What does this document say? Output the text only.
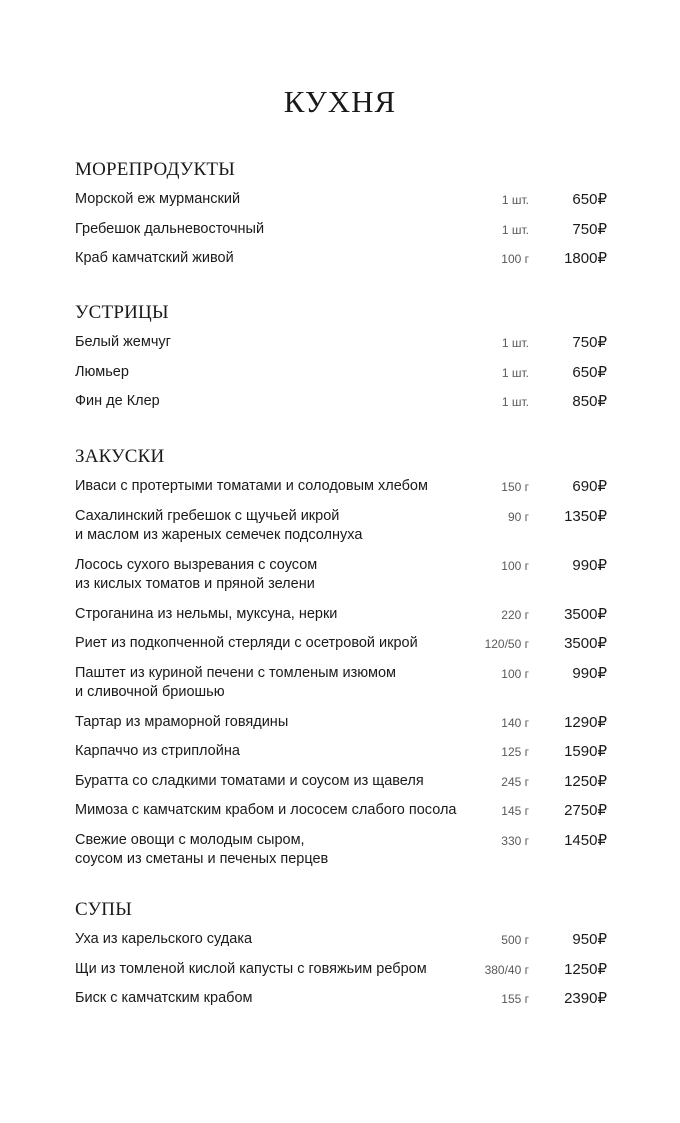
КУХНЯ
МОРЕПРОДУКТЫ
Морской еж мурманский	1 шт.	650₽
Гребешок дальневосточный	1 шт.	750₽
Краб камчатский живой	100 г 1800₽
УСТРИЦЫ
Белый жемчуг	1 шт.	750₽
Люмьер	1 шт.	650₽
Фин де Клер	1 шт.	850₽
ЗАКУСКИ
Иваси с протертыми томатами и солодовым хлебом	150 г	690₽
Сахалинский гребешок с щучьей икрой
и маслом из жареных семечек подсолнуха
90 г 1350₽
Лосось сухого вызревания с соусом
из кислых томатов и пряной зелени
100 г	990₽
Строганина из нельмы, муксуна, нерки	220 г 3500₽
Риет из подкопченной стерляди с осетровой икрой	120/50 г 3500₽
Паштет из куриной печени с томленым изюмом
и сливочной бриошью
100 г	990₽
Тартар из мраморной говядины	140 г 1290₽
Карпаччо из стриплойна	125 г 1590₽
Буратта со сладкими томатами и соусом из щавеля	245 г 1250₽
Мимоза с камчатским крабом и лососем слабого посола	145 г 2750₽
Свежие овощи с молодым сыром,
соусом из сметаны и печеных перцев
330 г 1450₽
СУПЫ
Уха из карельского судака	500 г	950₽
Щи из томленой кислой капусты с говяжьим ребром	380/40 г 1250₽
Биск с камчатским крабом	155 г 2390₽
